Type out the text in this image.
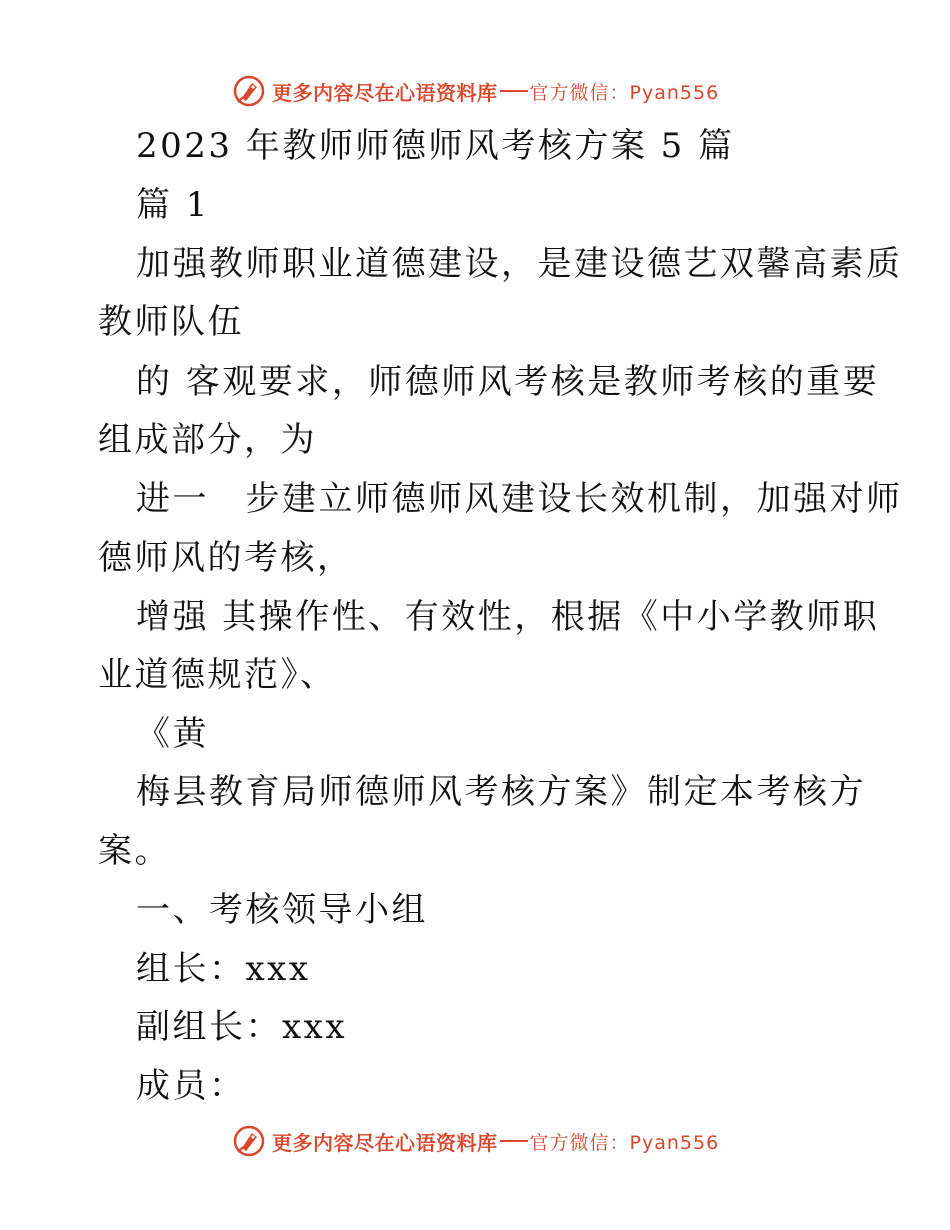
更多内容尽在心语资料库 官方微信：Pyan556
2023 年教师师德师风考核方案 5 篇
篇 1
加强教师职业道德建设，是建设德艺双馨高素质
教师队伍
的 客观要求，师德师风考核是教师考核的重要
组成部分，为
进一　步建立师德师风建设长效机制，加强对师
德师风的考核，
增强 其操作性、有效性，根据《中小学教师职
业道德规范》、
《黄
梅县教育局师德师风考核方案》制定本考核方
案。
一、考核领导小组
组长：xxx
副组长：xxx
成员：
更多内容尽在心语资料库 官方微信：Pyan556
